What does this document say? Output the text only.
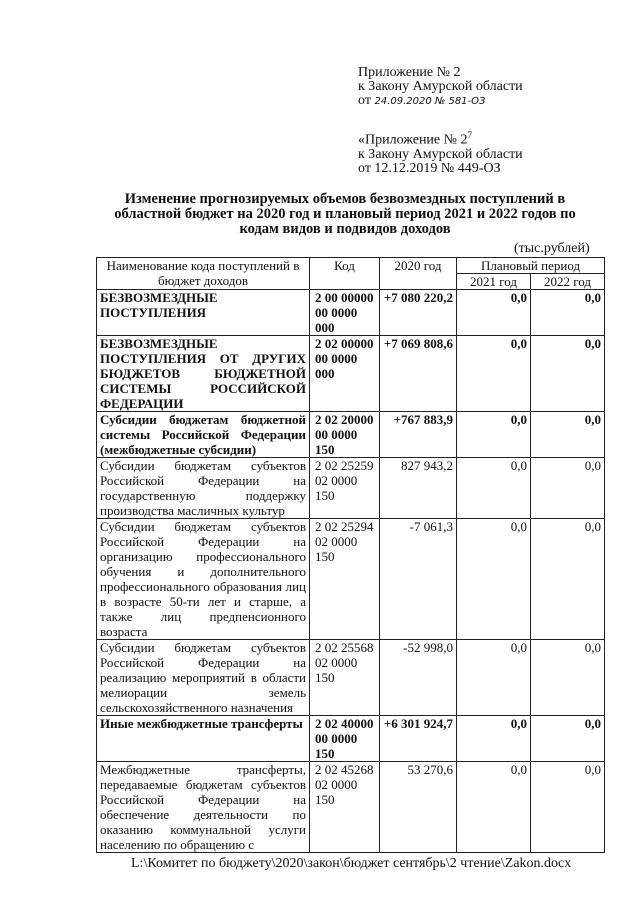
Приложение № 2
к Закону Амурской области
от 24.09.2020 № 581-ОЗ
«Приложение № $2^7$
к Закону Амурской области
от 12.12.2019 № 449-ОЗ
Изменение прогнозируемых объемов безвозмездных поступлений в
областной бюджет на 2020 год и плановый период 2021 и 2022 годов по
кодам видов и подвидов доходов
(тыс.рублей)
Наименование кода поступлений в бюджет доходов	Код	2020 год	Плановый период	
			2021 год	2022 год
БЕЗВОЗМЕЗДНЫЕ ПОСТУПЛЕНИЯ	2 00 00000 00 0000 000	+7 080 220,2	0,0	0,0
БЕЗВОЗМЕЗДНЫЕ ПОСТУПЛЕНИЯ ОТ ДРУГИХ БЮДЖЕТОВ БЮДЖЕТНОЙ СИСТЕМЫ РОССИЙСКОЙ ФЕДЕРАЦИИ	2 02 00000 00 0000 000	+7 069 808,6	0,0	0,0
Субсидии бюджетам бюджетной системы Российской Федерации (межбюджетные субсидии)	2 02 20000 00 0000 150	+767 883,9	0,0	0,0
Субсидии бюджетам субъектов Российской Федерации на государственную поддержку производства масличных культур	2 02 25259 02 0000 150	827 943,2	0,0	0,0
Субсидии бюджетам субъектов Российской Федерации на организацию профессионального обучения и дополнительного профессионального образования лиц в возрасте 50-ти лет и старше, а также лиц предпенсионного возраста	2 02 25294 02 0000 150	-7 061,3	0,0	0,0
Субсидии бюджетам субъектов Российской Федерации на реализацию мероприятий в области мелиорации земель сельскохозяйственного назначения	2 02 25568 02 0000 150	-52 998,0	0,0	0,0
Иные межбюджетные трансферты	2 02 40000 00 0000 150	+6 301 924,7	0,0	0,0
Межбюджетные трансферты, передаваемые бюджетам субъектов Российской Федерации на обеспечение деятельности по оказанию коммунальной услуги населению по обращению с	2 02 45268 02 0000 150	53 270,6	0,0	0,0
L:\Комитет по бюджету\2020\закон\бюджет сентябрь\2 чтение\Zakon.docx
